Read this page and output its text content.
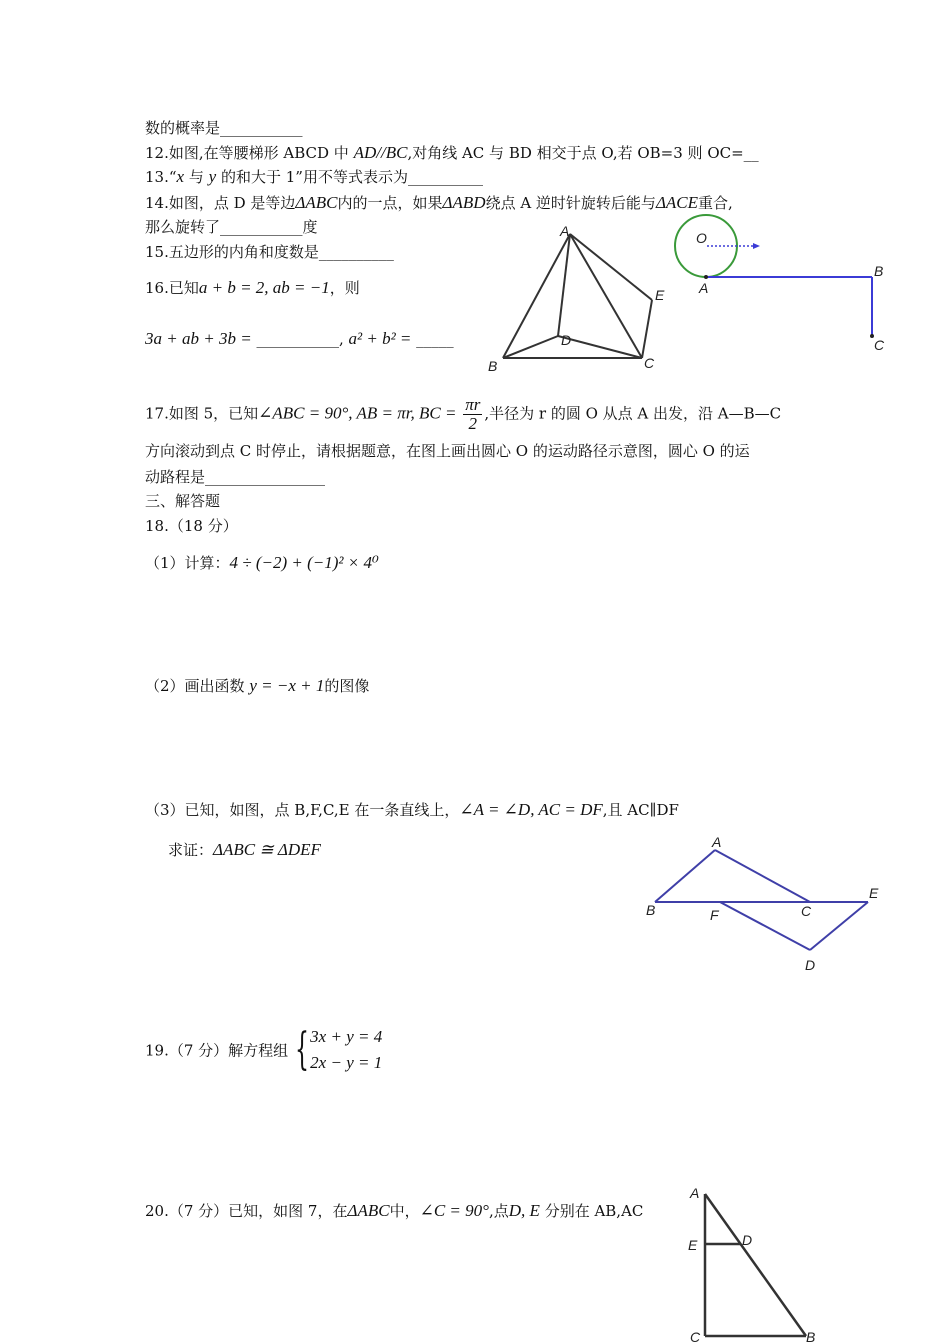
数的概率是___________
12.如图,在等腰梯形 ABCD 中 AD//BC,对角线 AC 与 BD 相交于点 O,若 OB=3 则 OC=__
13.“x 与 y 的和大于 1”用不等式表示为__________
14.如图，点 D 是等边ΔABC内的一点，如果ΔABD绕点 A 逆时针旋转后能与ΔACE重合,
那么旋转了___________度
15.五边形的内角和度数是__________
16.已知a + b = 2, ab = −1，则
3a + ab + 3b = ___________, a² + b² = _____
17.如图 5，已知∠ABC = 90°, AB = πr, BC = $\frac{\pi r}{2}$ ,半径为 r 的圆 O 从点 A 出发，沿 A—B—C
方向滚动到点 C 时停止，请根据题意，在图上画出圆心 O 的运动路径示意图，圆心 O 的运
动路程是________________
三、解答题
18.（18 分）
（1）计算：4 ÷ (−2) + (−1)² × 4⁰
（2）画出函数 y = −x + 1的图像
（3）已知，如图，点 B,F,C,E 在一条直线上，∠A = ∠D, AC = DF,且 AC∥DF
求证：ΔABC ≅ ΔDEF
19.（7 分）解方程组 { 3x + y = 4
2x − y = 1
20.（7 分）已知，如图 7，在ΔABC中，∠C = 90°,点D, E 分别在 AB,AC
A
B	C
D
E
O
A
B
C
A
B	F	C
E
D
A
E	D
C	B
